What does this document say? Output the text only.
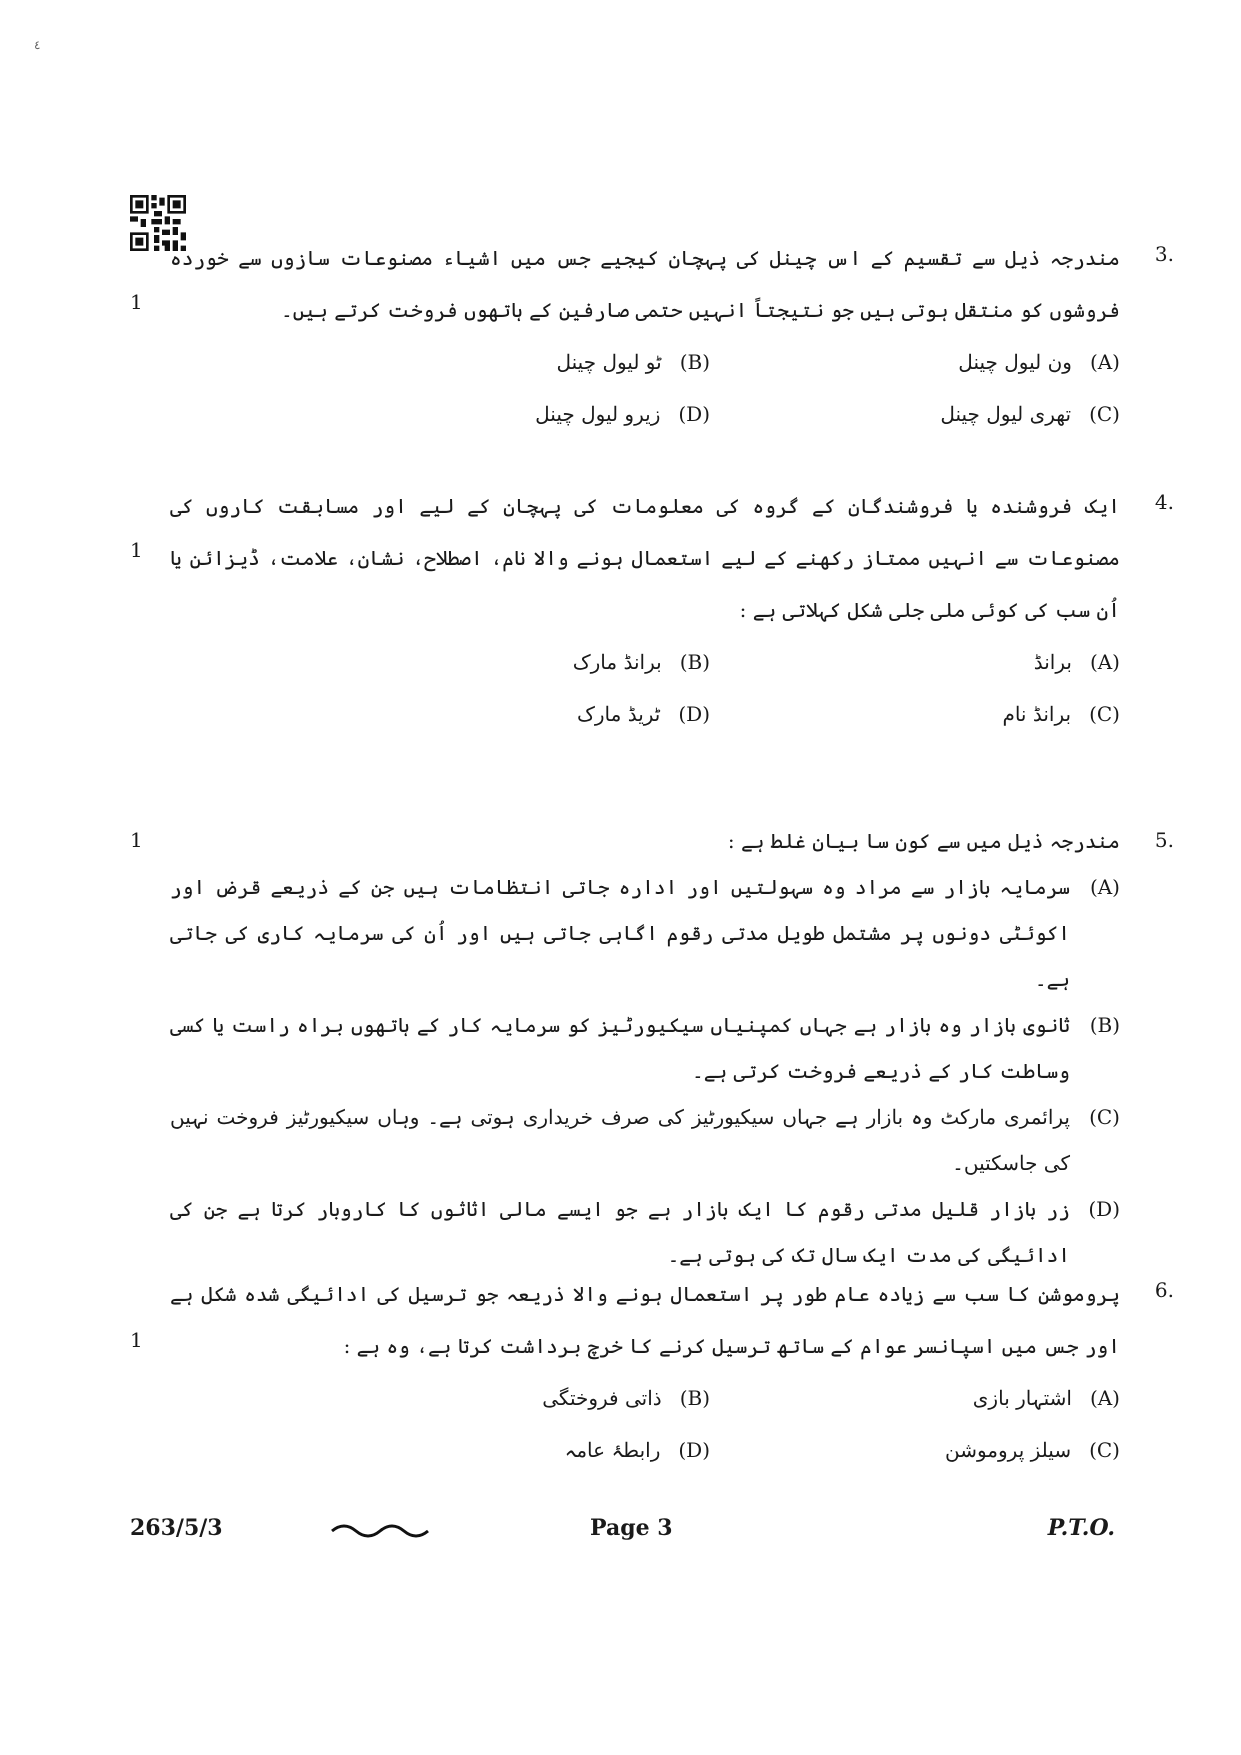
٤
1
3.

مندرجہ ذیل سے تقسیم کے اس چینل کی پہچان کیجیے جس میں اشیاء مصنوعات سازوں سے خوردہ فروشوں کو منتقل ہوتی ہیں جو نتیجتاً انہیں حتمی صارفین کے ہاتھوں فروخت کرتے ہیں۔

(A)ون لیول چینل
(B)ٹو لیول چینل
(C)تھری لیول چینل
(D)زیرو لیول چینل
1
4.

ایک فروشندہ یا فروشندگان کے گروہ کی معلومات کی پہچان کے لیے اور مسابقت کاروں کی مصنوعات سے انہیں ممتاز رکھنے کے لیے استعمال ہونے والا نام، اصطلاح، نشان، علامت، ڈیزائن یا اُن سب کی کوئی ملی جلی شکل کہلاتی ہے :

(A)برانڈ
(B)برانڈ مارک
(C)برانڈ نام
(D)ٹریڈ مارک
1	5.

مندرجہ ذیل میں سے کون سا بیان غلط ہے :

(A)
سرمایہ بازار سے مراد وہ سہولتیں اور ادارہ جاتی انتظامات ہیں جن کے ذریعے قرض اور اکوئٹی دونوں پر مشتمل طویل مدتی رقوم اگاہی جاتی ہیں اور اُن کی سرمایہ کاری کی جاتی ہے۔
(B)
ثانوی بازار وہ بازار ہے جہاں کمپنیاں سیکیورٹیز کو سرمایہ کار کے ہاتھوں براہ راست یا کسی وساطت کار کے ذریعے فروخت کرتی ہے۔
(C)
پرائمری مارکٹ وہ بازار ہے جہاں سیکیورٹیز کی صرف خریداری ہوتی ہے۔ وہاں سیکیورٹیز فروخت نہیں کی جاسکتیں۔
(D)
زر بازار قلیل مدتی رقوم کا ایک بازار ہے جو ایسے مالی اثاثوں کا کاروبار کرتا ہے جن کی ادائیگی کی مدت ایک سال تک کی ہوتی ہے۔
1
6.

پروموشن کا سب سے زیادہ عام طور پر استعمال ہونے والا ذریعہ جو ترسیل کی ادائیگی شدہ شکل ہے اور جس میں اسپانسر عوام کے ساتھ ترسیل کرنے کا خرچ برداشت کرتا ہے، وہ ہے :

(A)اشتہار بازی
(B)ذاتی فروختگی
(C)سیلز پروموشن
(D)رابطۂ عامہ
263/5/3	Page 3	P.T.O.
